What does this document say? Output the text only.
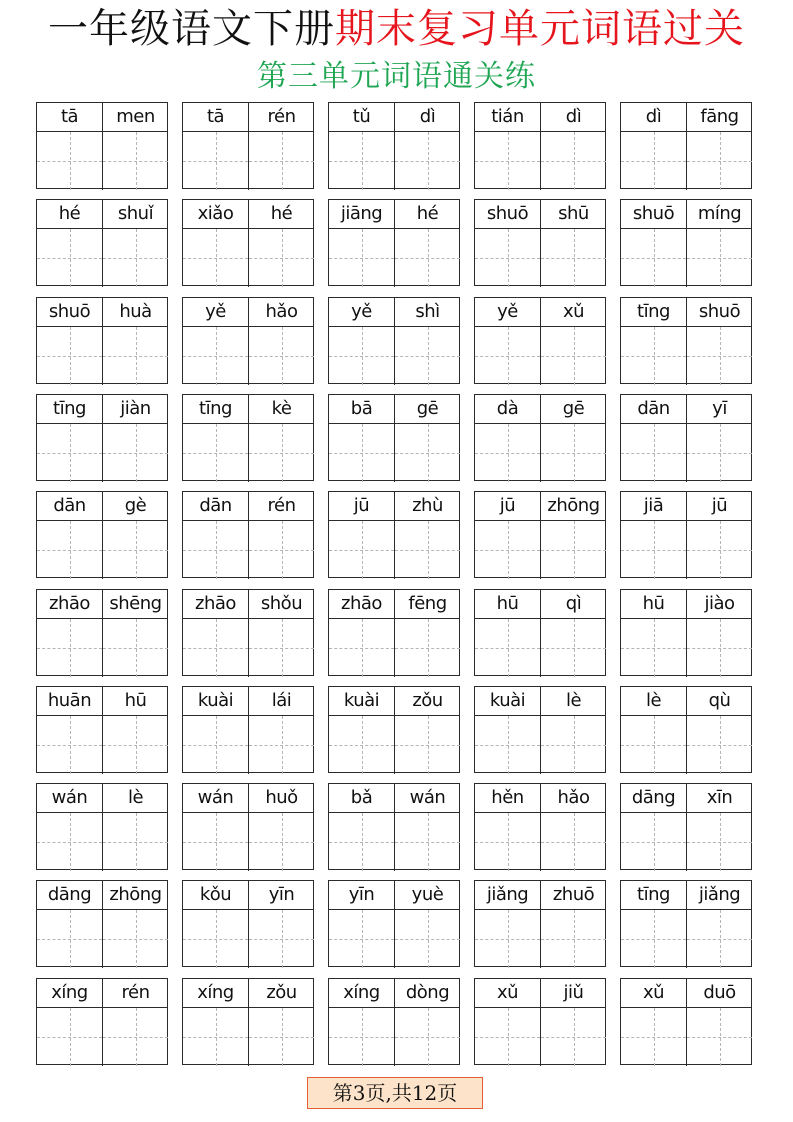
一年级语文下册期末复习单元词语过关
第三单元词语通关练
tā	men	tā	rén	tǔ	dì	tián	dì	dì	fāng
hé	shuǐ	xiǎo	hé	jiāng	hé	shuō	shū	shuō	míng
shuō	huà	yě	hǎo	yě	shì	yě	xǔ	tīng	shuō
tīng	jiàn	tīng	kè	bā	gē	dà	gē	dān	yī
dān	gè	dān	rén	jū	zhù	jū	zhōng	jiā	jū
zhāo	shēng	zhāo	shǒu	zhāo	fēng	hū	qì	hū	jiào
huān	hū	kuài	lái	kuài	zǒu	kuài	lè	lè	qù
wán	lè	wán	huǒ	bǎ	wán	hěn	hǎo	dāng	xīn
dāng	zhōng	kǒu	yīn	yīn	yuè	jiǎng	zhuō	tīng	jiǎng
xíng	rén	xíng	zǒu	xíng	dòng	xǔ	jiǔ	xǔ	duō
第3页,共12页
